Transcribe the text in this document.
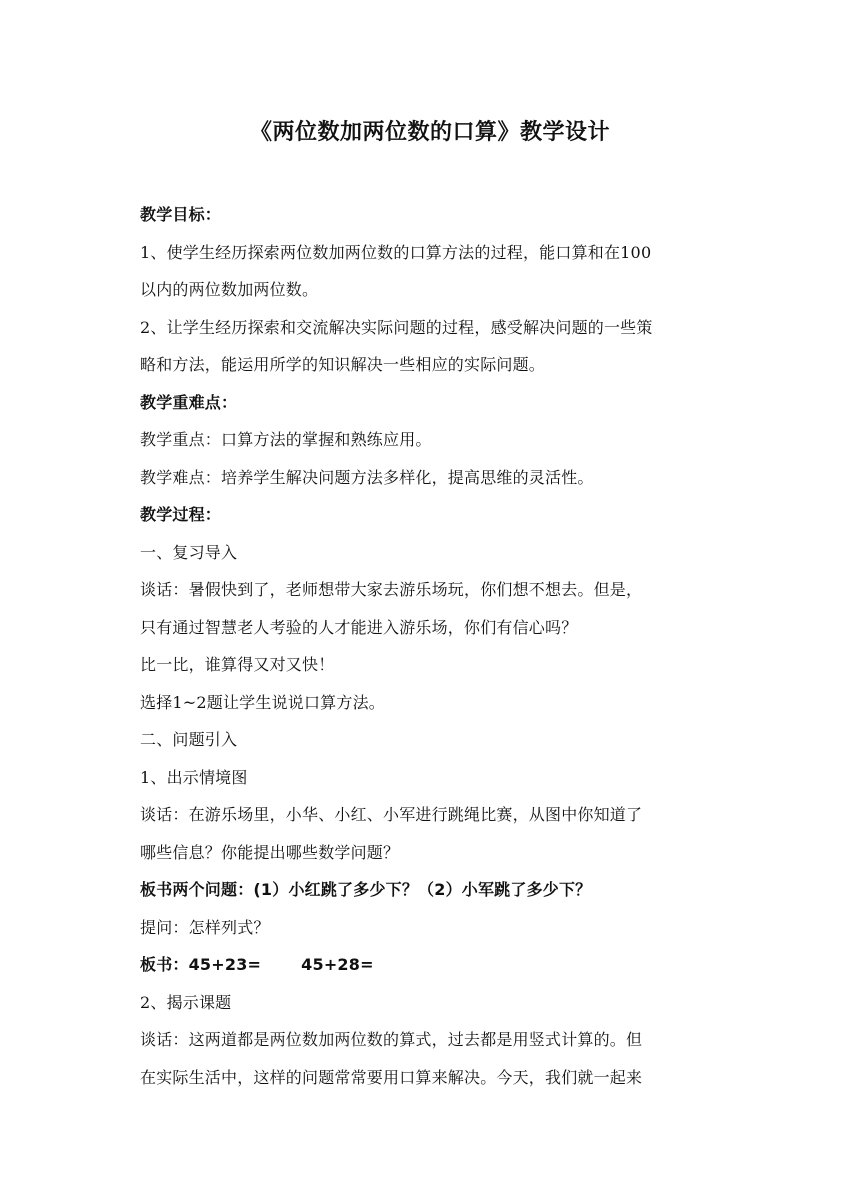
《两位数加两位数的口算》教学设计
教学目标：
1、使学生经历探索两位数加两位数的口算方法的过程，能口算和在100
以内的两位数加两位数。
2、让学生经历探索和交流解决实际问题的过程，感受解决问题的一些策
略和方法，能运用所学的知识解决一些相应的实际问题。
教学重难点：
教学重点：口算方法的掌握和熟练应用。
教学难点：培养学生解决问题方法多样化，提高思维的灵活性。
教学过程：
一、复习导入
谈话：暑假快到了，老师想带大家去游乐场玩，你们想不想去。但是，
只有通过智慧老人考验的人才能进入游乐场，你们有信心吗？
比一比，谁算得又对又快！
选择1~2题让学生说说口算方法。
二、问题引入
1、出示情境图
谈话：在游乐场里，小华、小红、小军进行跳绳比赛，从图中你知道了
哪些信息？你能提出哪些数学问题？
板书两个问题：(1）小红跳了多少下？（2）小军跳了多少下？
提问：怎样列式？
板书：45+23=	45+28=
2、揭示课题
谈话：这两道都是两位数加两位数的算式，过去都是用竖式计算的。但
在实际生活中，这样的问题常常要用口算来解决。今天，我们就一起来
